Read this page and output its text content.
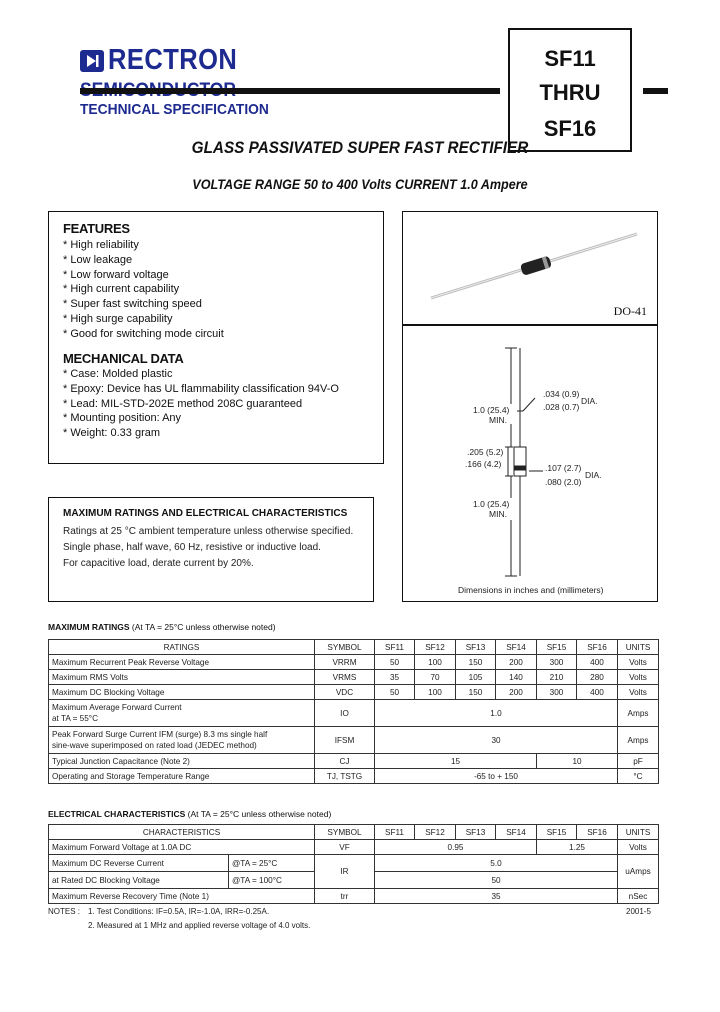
RECTRON
TECHNICAL SPECIFICATION
SF11
THRU
SF16
GLASS PASSIVATED SUPER FAST RECTIFIER
VOLTAGE RANGE 50 to 400 Volts CURRENT 1.0 Ampere
FEATURES
* High reliability
* Low leakage
* Low forward voltage
* High current capability
* Super fast switching speed
* High surge capability
* Good for switching mode circuit
MECHANICAL DATA
* Case: Molded plastic
* Epoxy: Device has UL flammability classification 94V-O
* Lead: MIL-STD-202E method 208C guaranteed
* Mounting position: Any
* Weight: 0.33 gram
DO-41
.034 (0.9)
.028 (0.7)
DIA.
1.0 (25.4)
MIN.
.205 (5.2)
.166 (4.2)	.107 (2.7)
.080 (2.0)
DIA.
1.0 (25.4)
MIN.
Dimensions in inches and (millimeters)
MAXIMUM RATINGS AND ELECTRICAL CHARACTERISTICS
Ratings at 25 °C ambient temperature unless otherwise specified.
Single phase, half wave, 60 Hz, resistive or inductive load.
For capacitive load, derate current by 20%.
MAXIMUM RATINGS (At TA = 25°C unless otherwise noted)
RATINGS	SYMBOL	SF11	SF12	SF13	SF14	SF15	SF16	UNITS
Maximum Recurrent Peak Reverse Voltage	VRRM	50	100	150	200	300	400	Volts
Maximum RMS Volts	VRMS	35	70	105	140	210	280	Volts
Maximum DC Blocking Voltage	VDC	50	100	150	200	300	400	Volts
Maximum Average Forward Current
at TA = 55°C	IO	1.0						Amps
Peak Forward Surge Current IFM (surge) 8.3 ms single half
sine-wave superimposed on rated load (JEDEC method)	IFSM	30						Amps
Typical Junction Capacitance (Note 2)	CJ	15				10		pF
Operating and Storage Temperature Range	TJ, TSTG	-65 to + 150						°C
ELECTRICAL CHARACTERISTICS (At TA = 25°C unless otherwise noted)
CHARACTERISTICS		SYMBOL	SF11	SF12	SF13	SF14	SF15	SF16	UNITS
Maximum Forward Voltage at 1.0A DC		VF	0.95				1.25		Volts
Maximum DC Reverse Current	@TA = 25°C	IR	5.0						uAmps
at Rated DC Blocking Voltage	@TA = 100°C		50						
Maximum Reverse Recovery Time (Note 1)		trr	35						nSec
NOTES : 1. Test Conditions: IF=0.5A, IR=-1.0A, IRR=-0.25A.
2. Measured at 1 MHz and applied reverse voltage of 4.0 volts.
2001-5
